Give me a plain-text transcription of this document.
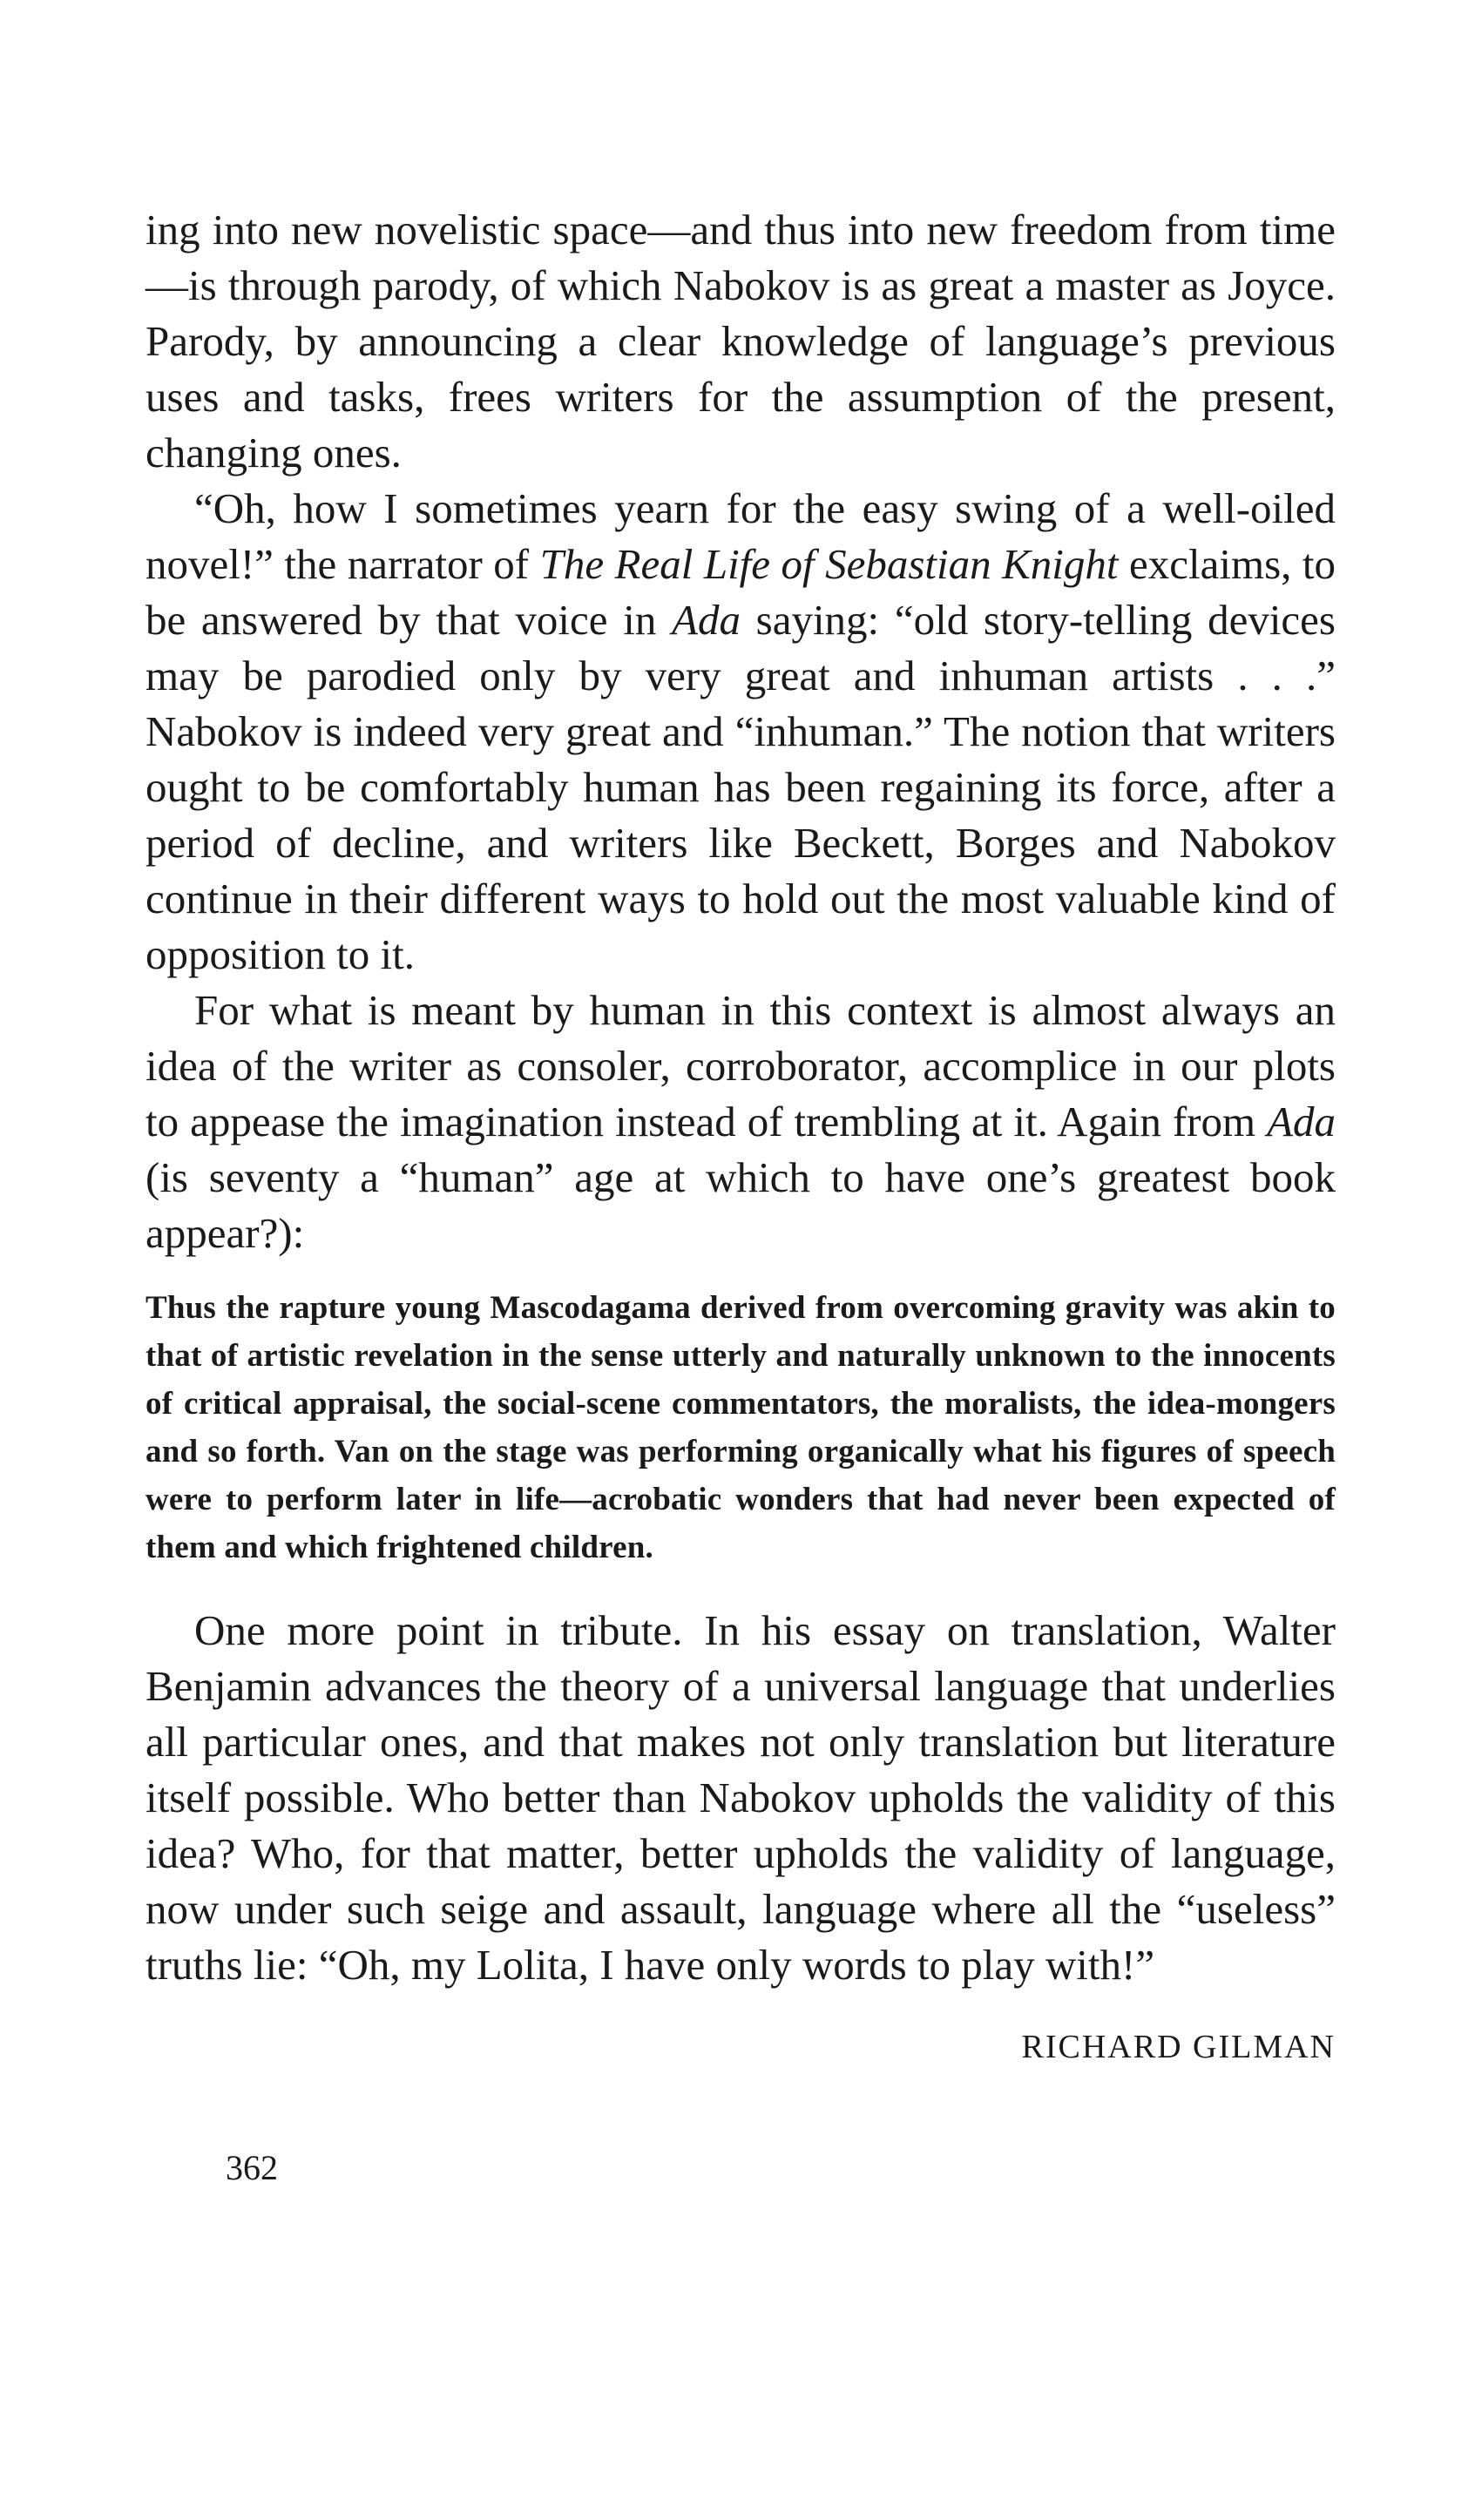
ing into new novelistic space—and thus into new freedom from time—is through parody, of which Nabokov is as great a master as Joyce. Parody, by announcing a clear knowledge of language’s previous uses and tasks, frees writers for the assumption of the present, changing ones.

“Oh, how I sometimes yearn for the easy swing of a well-oiled novel!” the narrator of The Real Life of Sebastian Knight exclaims, to be answered by that voice in Ada saying: “old story-telling devices may be parodied only by very great and inhuman artists . . .” Nabokov is indeed very great and “inhuman.” The notion that writers ought to be comfortably human has been regaining its force, after a period of decline, and writers like Beckett, Borges and Nabokov continue in their different ways to hold out the most valuable kind of opposition to it.

For what is meant by human in this context is almost always an idea of the writer as consoler, corroborator, accomplice in our plots to appease the imagination instead of trembling at it. Again from Ada (is seventy a “human” age at which to have one’s greatest book appear?):

Thus the rapture young Mascodagama derived from overcoming gravity was akin to that of artistic revelation in the sense utterly and naturally unknown to the innocents of critical appraisal, the social-scene commentators, the moralists, the idea-mongers and so forth. Van on the stage was performing organically what his figures of speech were to perform later in life—acrobatic wonders that had never been expected of them and which frightened children.

One more point in tribute. In his essay on translation, Walter Benjamin advances the theory of a universal language that underlies all particular ones, and that makes not only translation but literature itself possible. Who better than Nabokov upholds the validity of this idea? Who, for that matter, better upholds the validity of language, now under such seige and assault, language where all the “useless” truths lie: “Oh, my Lolita, I have only words to play with!”

RICHARD GILMAN
362
